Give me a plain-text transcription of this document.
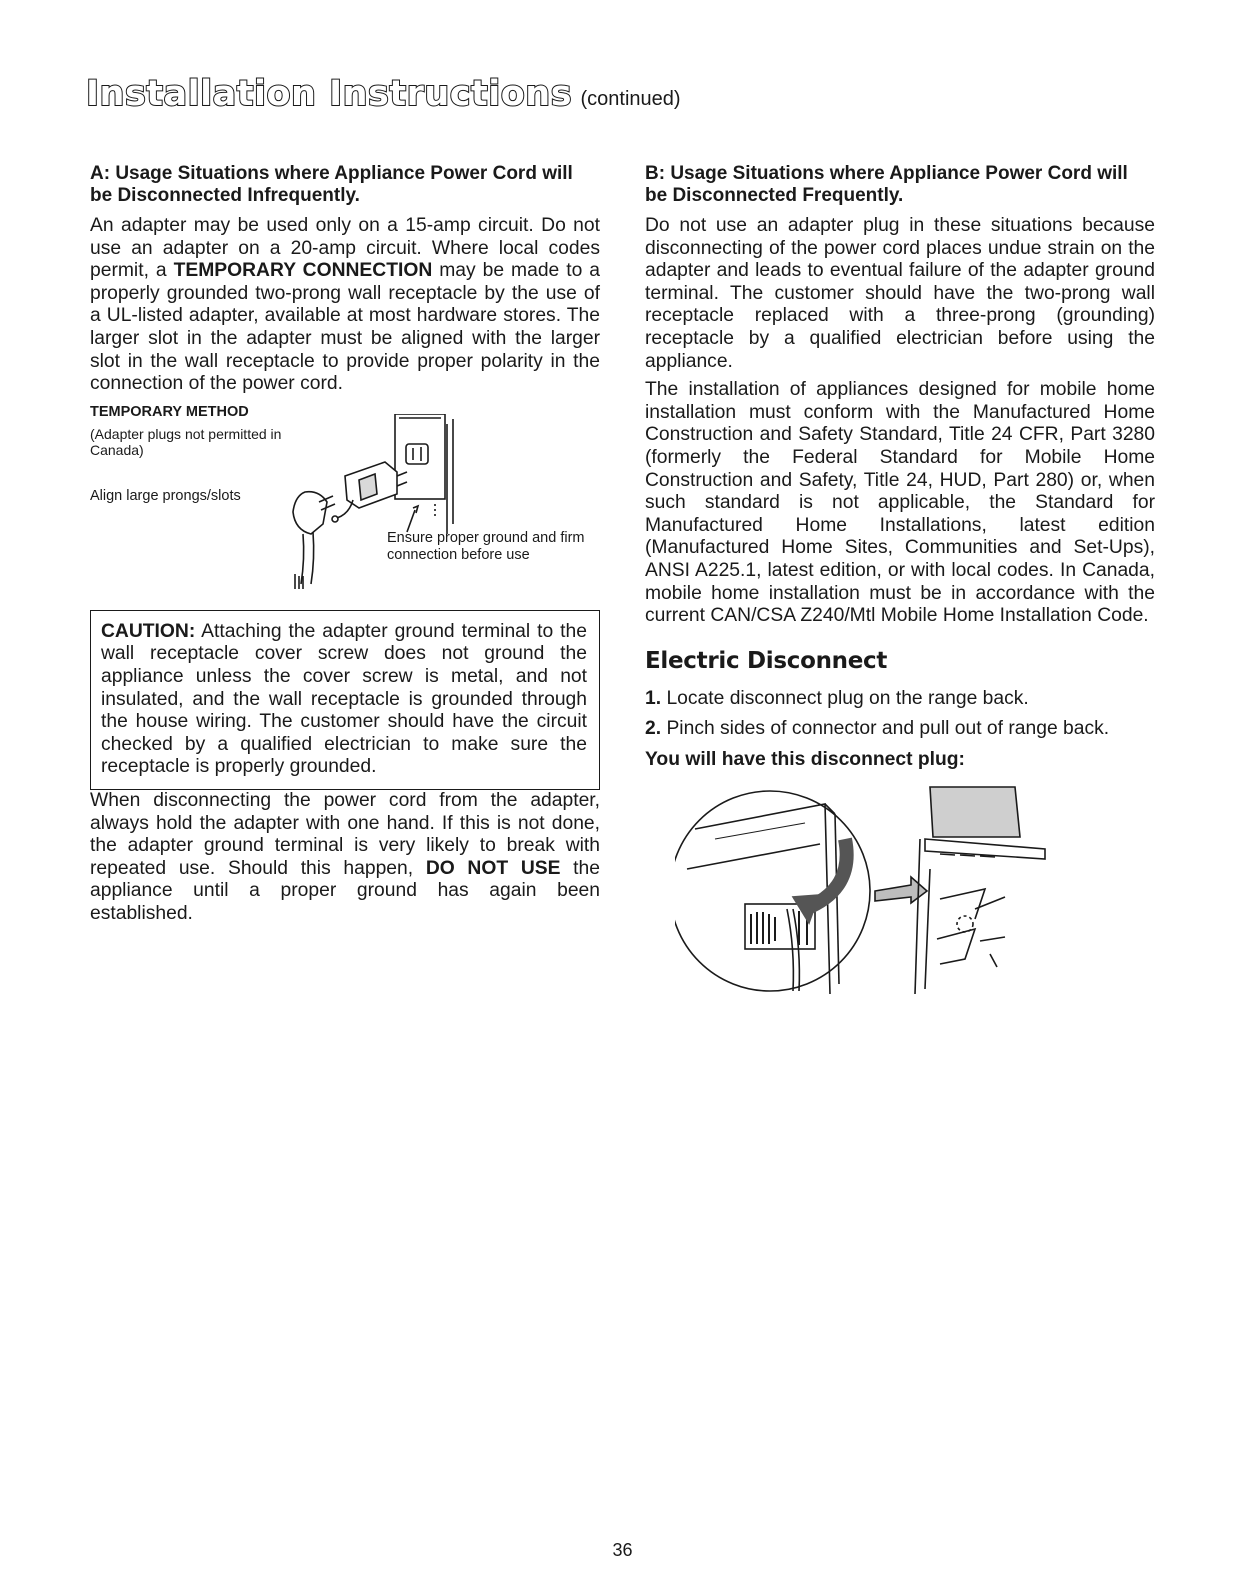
Installation Instructions (continued)
A: Usage Situations where Appliance Power Cord will be Disconnected Infrequently.

An adapter may be used only on a 15-amp circuit. Do not use an adapter on a 20-amp circuit. Where local codes permit, a TEMPORARY CONNECTION may be made to a properly grounded two-prong wall receptacle by the use of a UL-listed adapter, available at most hardware stores. The larger slot in the adapter must be aligned with the larger slot in the wall receptacle to provide proper polarity in the connection of the power cord.

TEMPORARY METHOD
(Adapter plugs not permitted in Canada)
Align large prongs/slots
Ensure proper ground and firm connection before use

CAUTION: Attaching the adapter ground terminal to the wall receptacle cover screw does not ground the appliance unless the cover screw is metal, and not insulated, and the wall receptacle is grounded through the house wiring. The customer should have the circuit checked by a qualified electrician to make sure the receptacle is properly grounded.

When disconnecting the power cord from the adapter, always hold the adapter with one hand. If this is not done, the adapter ground terminal is very likely to break with repeated use. Should this happen, DO NOT USE the appliance until a proper ground has again been established.

B: Usage Situations where Appliance Power Cord will be Disconnected Frequently.

Do not use an adapter plug in these situations because disconnecting of the power cord places undue strain on the adapter and leads to eventual failure of the adapter ground terminal. The customer should have the two-prong wall receptacle replaced with a three-prong (grounding) receptacle by a qualified electrician before using the appliance.

The installation of appliances designed for mobile home installation must conform with the Manufactured Home Construction and Safety Standard, Title 24 CFR, Part 3280 (formerly the Federal Standard for Mobile Home Construction and Safety, Title 24, HUD, Part 280) or, when such standard is not applicable, the Standard for Manufactured Home Installations, latest edition (Manufactured Home Sites, Communities and Set-Ups), ANSI A225.1, latest edition, or with local codes. In Canada, mobile home installation must be in accordance with the current CAN/CSA Z240/Mtl Mobile Home Installation Code.

Electric Disconnect

1. Locate disconnect plug on the range back.

2. Pinch sides of connector and pull out of range back.

You will have this disconnect plug:

36
